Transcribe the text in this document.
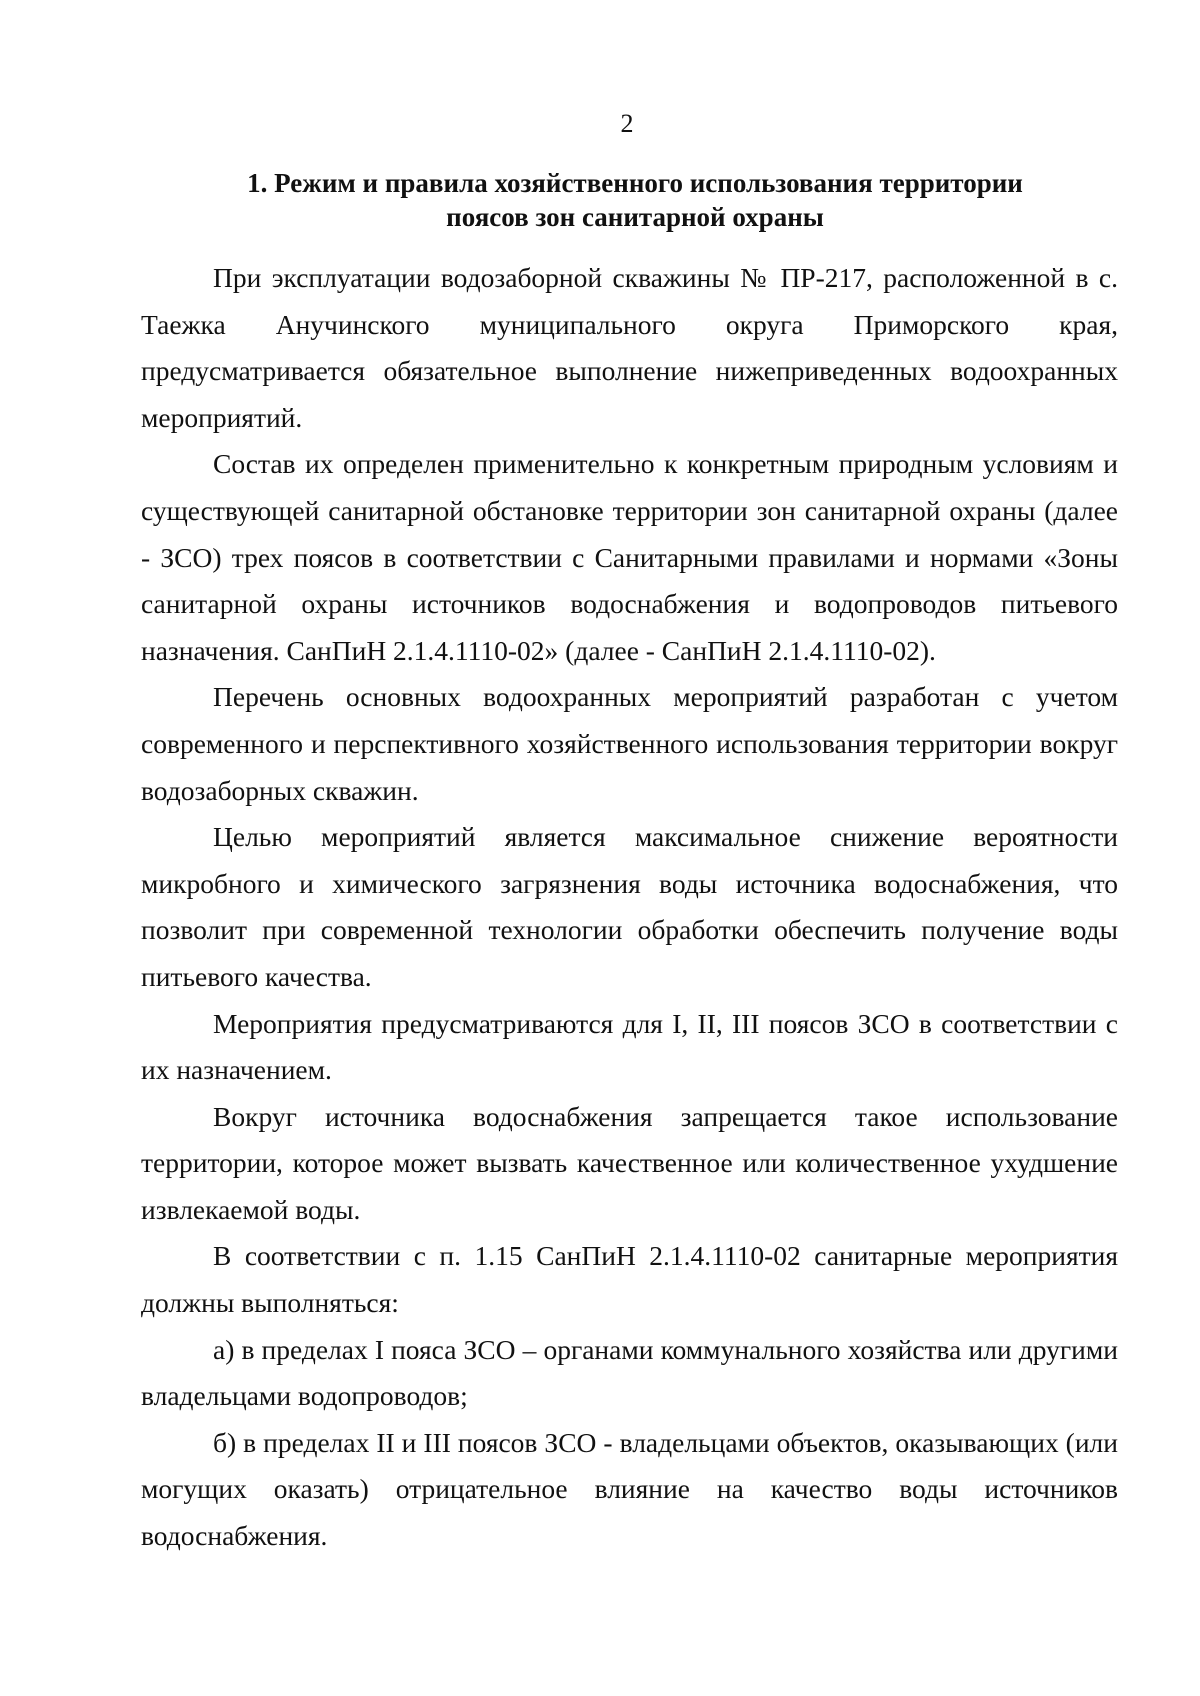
2
1. Режим и правила хозяйственного использования территории
поясов зон санитарной охраны

При эксплуатации водозаборной скважины № ПР-217, расположенной в с. Таежка Анучинского муниципального округа Приморского края, предусматривается обязательное выполнение нижеприведенных водоохранных мероприятий.

Состав их определен применительно к конкретным природным условиям и существующей санитарной обстановке территории зон санитарной охраны (далее - ЗСО) трех поясов в соответствии с Санитарными правилами и нормами «Зоны санитарной охраны источников водоснабжения и водопроводов питьевого назначения. СанПиН 2.1.4.1110-02» (далее - СанПиН 2.1.4.1110-02).

Перечень основных водоохранных мероприятий разработан с учетом современного и перспективного хозяйственного использования территории вокруг водозаборных скважин.

Целью мероприятий является максимальное снижение вероятности микробного и химического загрязнения воды источника водоснабжения, что позволит при современной технологии обработки обеспечить получение воды питьевого качества.

Мероприятия предусматриваются для I, II, III поясов ЗСО в соответствии с их назначением.

Вокруг источника водоснабжения запрещается такое использование территории, которое может вызвать качественное или количественное ухудшение извлекаемой воды.

В соответствии с п. 1.15 СанПиН 2.1.4.1110-02 санитарные мероприятия должны выполняться:

а) в пределах I пояса ЗСО – органами коммунального хозяйства или другими владельцами водопроводов;

б) в пределах II и III поясов ЗСО - владельцами объектов, оказывающих (или могущих оказать) отрицательное влияние на качество воды источников водоснабжения.
